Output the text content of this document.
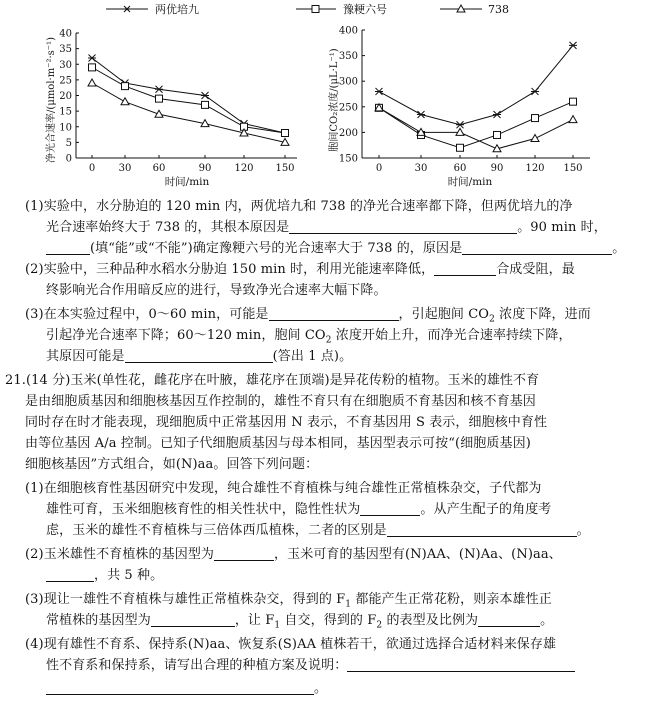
两优培九	豫粳六号	738
净光合速率/(μmol·m⁻²·s⁻¹)
时间/min
0
5
10
15
20
25
30
35
40
0 30 60	90 120 150
胞间CO₂浓度/(μL·L⁻¹)
时间/min
150
200
250
300
350
400
0	30	60 90 120 150
(1)实验中，水分胁迫的 120 min 内，两优培九和 738 的净光合速率都下降，但两优培九的净
光合速率始终大于 738 的，其根本原因是	。90 min 时，
(填“能”或“不能”)确定豫粳六号的光合速率大于 738 的，原因是	。
(2)实验中，三种品种水稻水分胁迫 150 min 时，利用光能速率降低，	合成受阻，最
终影响光合作用暗反应的进行，导致净光合速率大幅下降。
(3)在本实验过程中，0～60 min，可能是	，引起胞间 $CO_2$ 浓度下降，进而
引起净光合速率下降；60～120 min，胞间 $CO_2$ 浓度开始上升，而净光合速率持续下降，
其原因可能是	(答出 1 点)。
21.(14 分)玉米(单性花，雌花序在叶腋，雄花序在顶端)是异花传粉的植物。玉米的雄性不育
是由细胞质基因和细胞核基因互作控制的，雄性不育只有在细胞质不育基因和核不育基因
同时存在时才能表现，现细胞质中正常基因用 N 表示，不育基因用 S 表示，细胞核中育性
由等位基因 A/a 控制。已知子代细胞质基因与母本相同，基因型表示可按“(细胞质基因)
细胞核基因”方式组合，如(N)aa。回答下列问题：
(1)在细胞核育性基因研究中发现，纯合雄性不育植株与纯合雄性正常植株杂交，子代都为
雄性可育，玉米细胞核育性的相关性状中，隐性性状为	。从产生配子的角度考
虑，玉米的雄性不育植株与三倍体西瓜植株，二者的区别是	。
(2)玉米雄性不育植株的基因型为	，玉米可育的基因型有(N)AA、(N)Aa、(N)aa、
，共 5 种。
(3)现让一雄性不育植株与雄性正常植株杂交，得到的 $F_1$ 都能产生正常花粉，则亲本雄性正
常植株的基因型为	，让 $F_1$ 自交，得到的 $F_2$ 的表型及比例为	。
(4)现有雄性不育系、保持系(N)aa、恢复系(S)AA 植株若干，欲通过选择合适材料来保存雄
性不育系和保持系，请写出合理的种植方案及说明：
。
